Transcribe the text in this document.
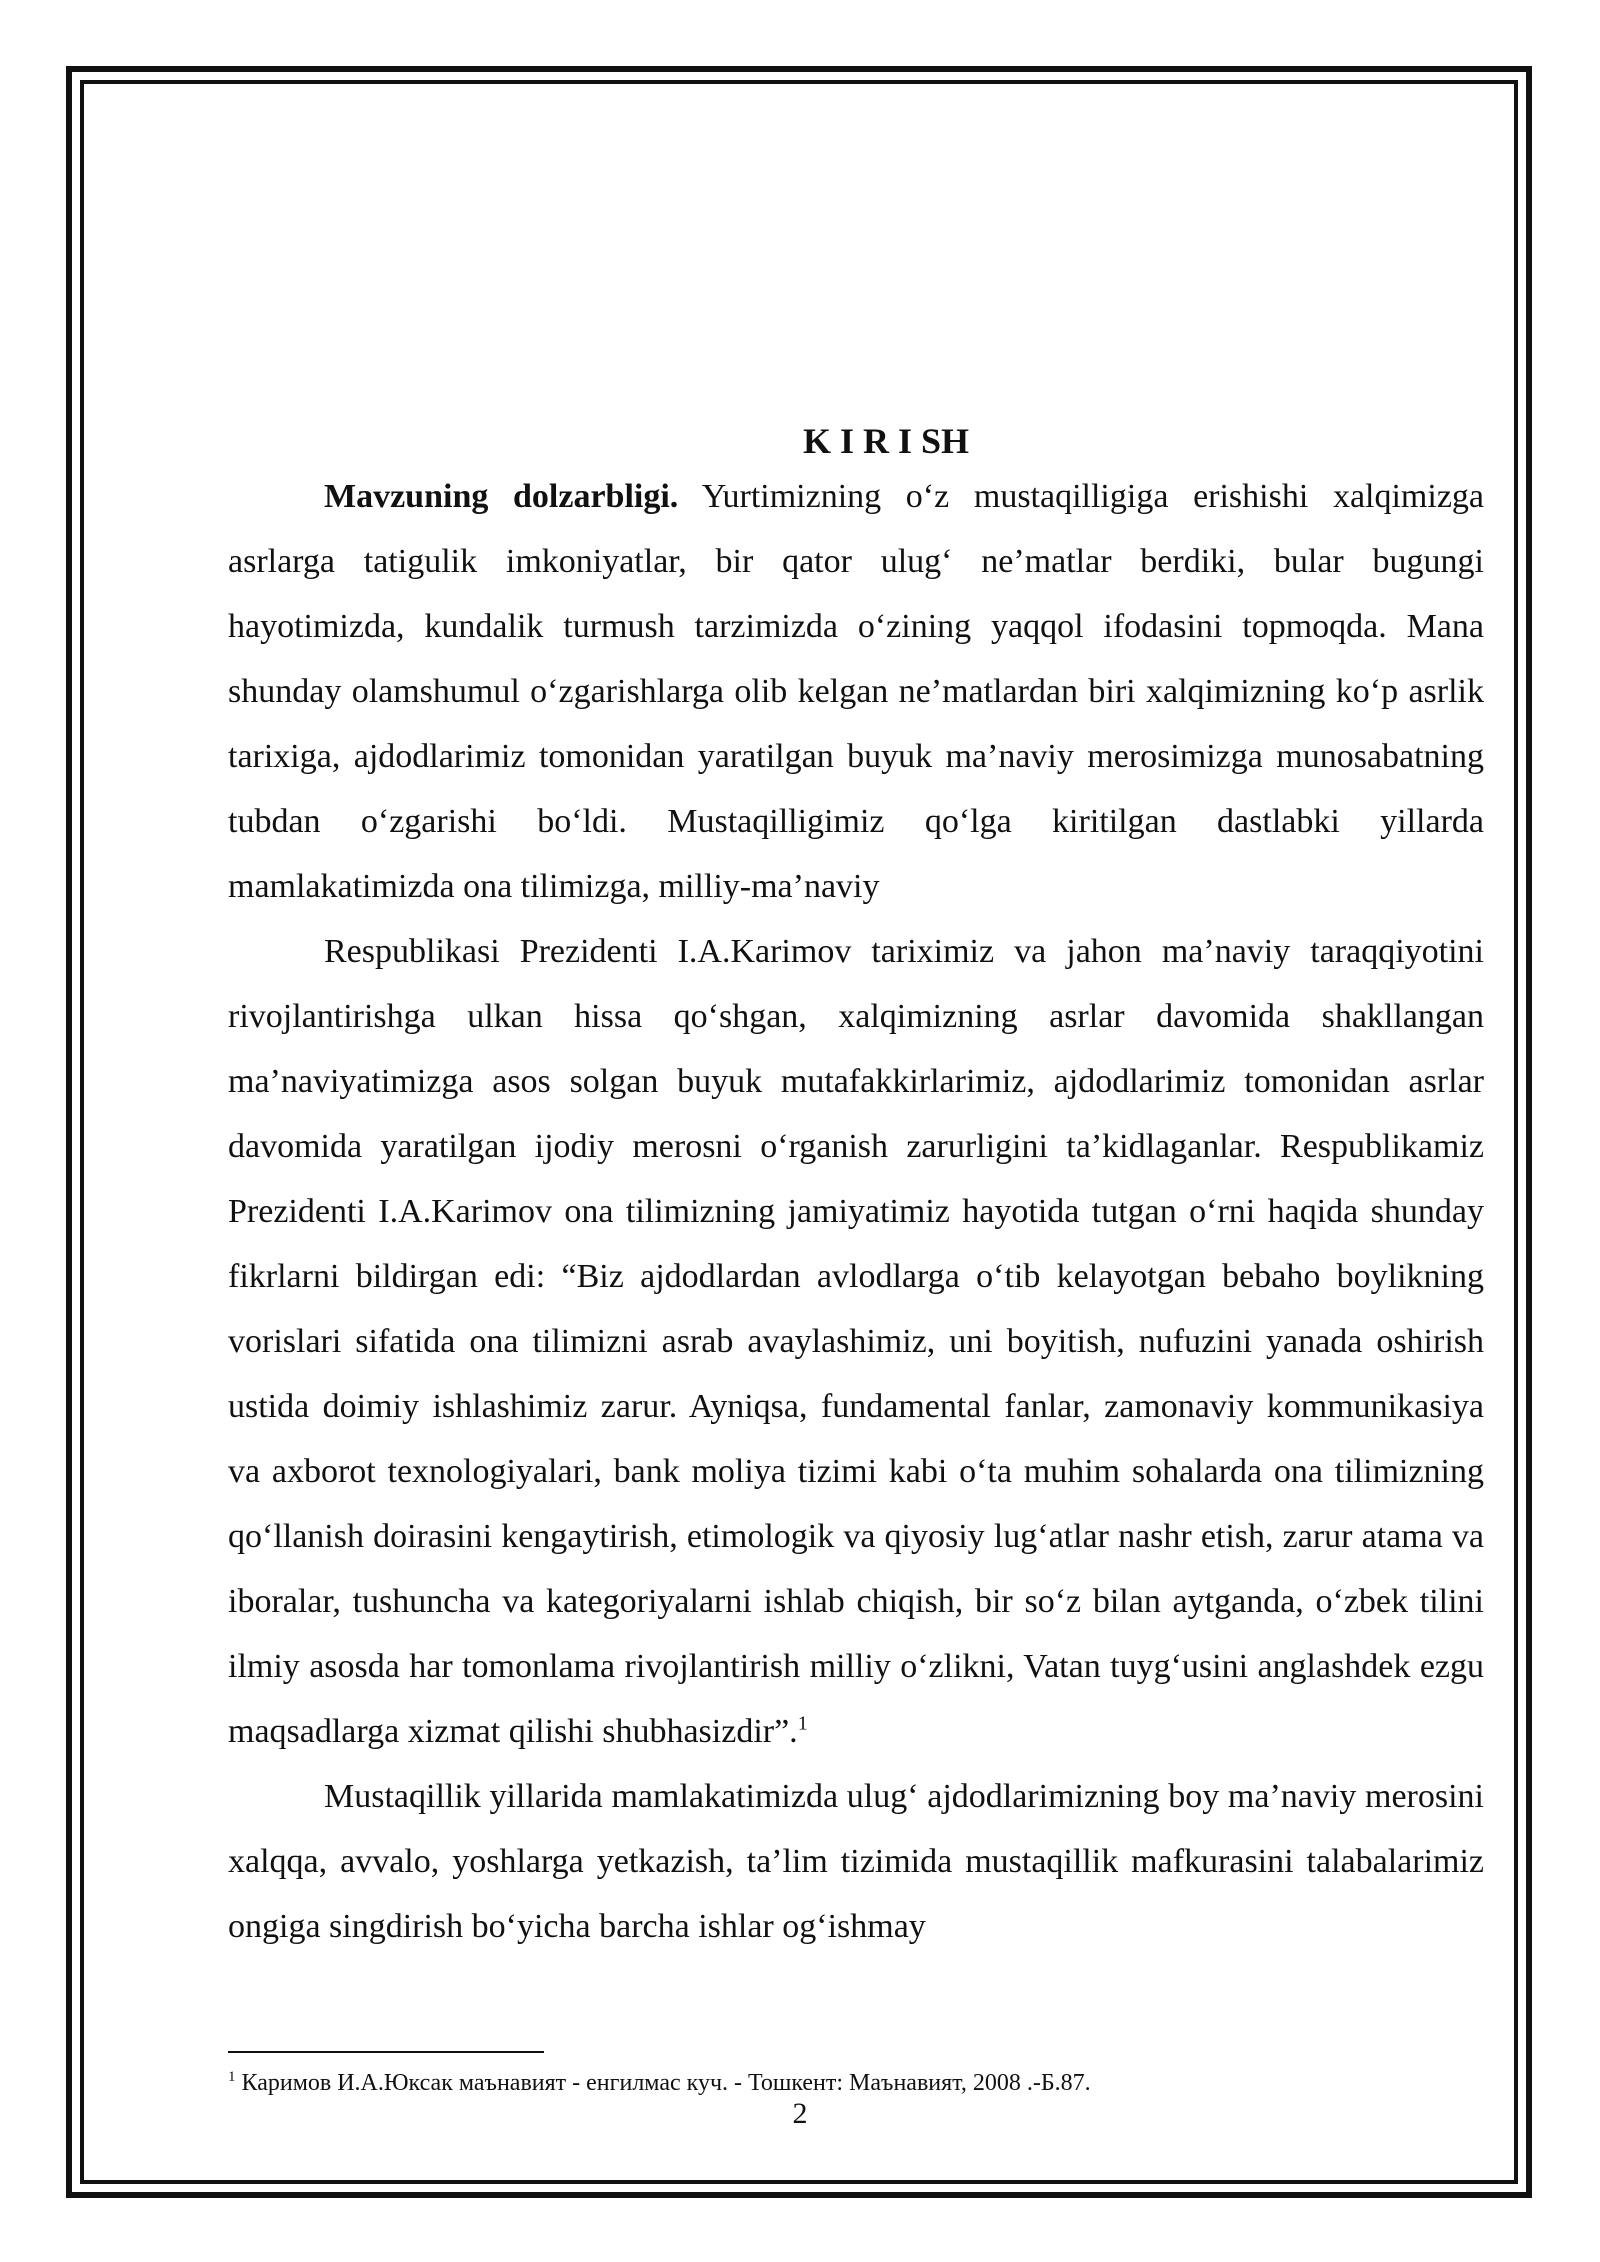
K I R I SH

Mavzuning dolzarbligi. Yurtimizning o‘z mustaqilligiga erishishi xalqimizga asrlarga tatigulik imkoniyatlar, bir qator ulug‘ ne’matlar berdiki, bular bugungi hayotimizda, kundalik turmush tarzimizda o‘zining yaqqol ifodasini topmoqda. Mana shunday olamshumul o‘zgarishlarga olib kelgan ne’matlardan biri xalqimizning ko‘p asrlik tarixiga, ajdodlarimiz tomonidan yaratilgan buyuk ma’naviy merosimizga munosabatning tubdan o‘zgarishi bo‘ldi. Mustaqilligimiz qo‘lga kiritilgan dastlabki yillarda mamlakatimizda ona tilimizga, milliy-ma’naviy

Respublikasi Prezidenti I.A.Karimov tariximiz va jahon ma’naviy taraqqiyotini rivojlantirishga ulkan hissa qo‘shgan, xalqimizning asrlar davomida shakllangan ma’naviyatimizga asos solgan buyuk mutafakkirlarimiz, ajdodlarimiz tomonidan asrlar davomida yaratilgan ijodiy merosni o‘rganish zarurligini ta’kidlaganlar. Respublikamiz Prezidenti I.A.Karimov ona tilimizning jamiyatimiz hayotida tutgan o‘rni haqida shunday fikrlarni bildirgan edi: “Biz ajdodlardan avlodlarga o‘tib kelayotgan bebaho boylikning vorislari sifatida ona tilimizni asrab avaylashimiz, uni boyitish, nufuzini yanada oshirish ustida doimiy ishlashimiz zarur. Ayniqsa, fundamental fanlar, zamonaviy kommunikasiya va axborot texnologiyalari, bank moliya tizimi kabi o‘ta muhim sohalarda ona tilimizning qo‘llanish doirasini kengaytirish, etimologik va qiyosiy lug‘atlar nashr etish, zarur atama va iboralar, tushuncha va kategoriyalarni ishlab chiqish, bir so‘z bilan aytganda, o‘zbek tilini ilmiy asosda har tomonlama rivojlantirish milliy o‘zlikni, Vatan tuyg‘usini anglashdek ezgu maqsadlarga xizmat qilishi shubhasizdir”.$^1$

Mustaqillik yillarida mamlakatimizda ulug‘ ajdodlarimizning boy ma’naviy merosini xalqqa, avvalo, yoshlarga yetkazish, ta’lim tizimida mustaqillik mafkurasini talabalarimiz ongiga singdirish bo‘yicha barcha ishlar og‘ishmay

$^1$ Каримов И.А.Юксак маънавият - енгилмас куч. - Тошкент: Маънавият, 2008 .-Б.87.
2
